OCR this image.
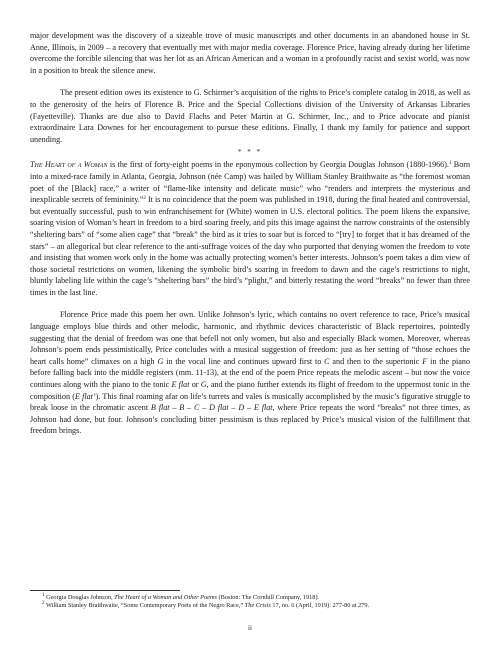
major development was the discovery of a sizeable trove of music manuscripts and other documents in an abandoned house in St. Anne, Illinois, in 2009 – a recovery that eventually met with major media coverage. Florence Price, having already during her lifetime overcome the forcible silencing that was her lot as an African American and a woman in a profoundly racist and sexist world, was now in a position to break the silence anew.

The present edition owes its existence to G. Schirmer’s acquisition of the rights to Price’s complete catalog in 2018, as well as to the generosity of the heirs of Florence B. Price and the Special Collections division of the University of Arkansas Libraries (Fayetteville). Thanks are due also to David Flachs and Peter Martin at G. Schirmer, Inc., and to Price advocate and pianist extraordinaire Lara Downes for her encouragement to pursue these editions. Finally, I thank my family for patience and support unending.

* * *

The Heart of a Woman is the first of forty-eight poems in the eponymous collection by Georgia Douglas Johnson (1880-1966).$^1$ Born into a mixed-race family in Atlanta, Georgia, Johnson (née Camp) was hailed by William Stanley Braithwaite as “the foremost woman poet of the [Black] race,” a writer of “flame-like intensity and delicate music” who “renders and interprets the mysterious and inexplicable secrets of femininity.”$^2$ It is no coincidence that the poem was published in 1918, during the final heated and controversial, but eventually successful, push to win enfranchisement for (White) women in U.S. electoral politics. The poem likens the expansive, soaring vision of Woman’s heart in freedom to a bird soaring freely, and pits this image against the narrow constraints of the ostensibly “sheltering bars” of “some alien cage” that “break” the bird as it tries to soar but is forced to “[try] to forget that it has dreamed of the stars” – an allegorical but clear reference to the anti-suffrage voices of the day who purported that denying women the freedom to vote and insisting that women work only in the home was actually protecting women’s better interests. Johnson’s poem takes a dim view of those societal restrictions on women, likening the symbolic bird’s soaring in freedom to dawn and the cage’s restrictions to night, bluntly labeling life within the cage’s “sheltering bars” the bird’s “plight,” and bitterly restating the word “breaks” no fewer than three times in the last line.

Florence Price made this poem her own. Unlike Johnson’s lyric, which contains no overt reference to race, Price’s musical language employs blue thirds and other melodic, harmonic, and rhythmic devices characteristic of Black repertoires, pointedly suggesting that the denial of freedom was one that befell not only women, but also and especially Black women. Moreover, whereas Johnson’s poem ends pessimistically, Price concludes with a musical suggestion of freedom: just as her setting of “those echoes the heart calls home” climaxes on a high G in the vocal line and continues upward first to C and then to the supertonic F in the piano before falling back into the middle registers (mm. 11-13), at the end of the poem Price repeats the melodic ascent – but now the voice continues along with the piano to the tonic E flat or G, and the piano further extends its flight of freedom to the uppermost tonic in the composition (E flat’). This final roaming afar on life’s turrets and vales is musically accomplished by the music’s figurative struggle to break loose in the chromatic ascent B flat – B – C – D flat – D – E flat, where Price repeats the word “breaks” not three times, as Johnson had done, but four. Johnson’s concluding bitter pessimism is thus replaced by Price’s musical vision of the fulfillment that freedom brings.

$^1$ Georgia Douglas Johnson, The Heart of a Woman and Other Poems (Boston: The Cornhill Company, 1918).

$^2$ William Stanley Braithwaite, “Some Contemporary Poets of the Negro Race,” The Crisis 17, no. 6 (April, 1919): 277-80 at 279.

ii
